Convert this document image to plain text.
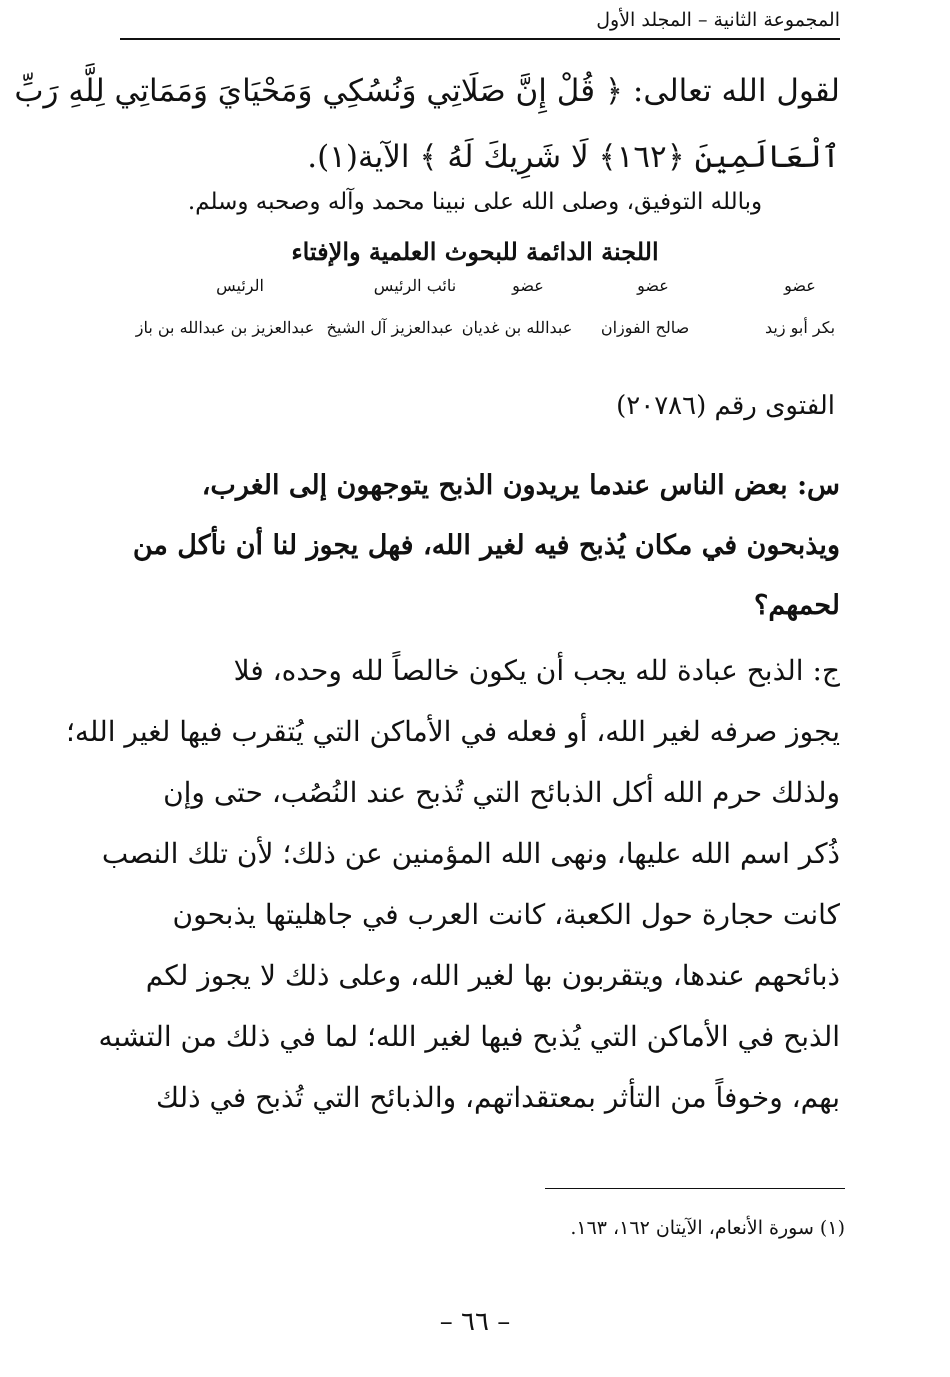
المجموعة الثانية – المجلد الأول

لقول الله تعالى: ﴿ قُلْ إِنَّ صَلَاتِي وَنُسُكِي وَمَحْيَايَ وَمَمَاتِي لِلَّهِ رَبِّ

ٱلْعَالَمِينَ ﴿١٦٢﴾ لَا شَرِيكَ لَهُ ﴾ الآية(١).

وبالله التوفيق، وصلى الله على نبينا محمد وآله وصحبه وسلم.

اللجنة الدائمة للبحوث العلمية والإفتاء

عضو
عضو
عضو
نائب الرئيس
الرئيس
بكر أبو زيد
صالح الفوزان
عبدالله بن غديان
عبدالعزيز آل الشيخ
عبدالعزيز بن عبدالله بن باز

الفتوى رقم (٢٠٧٨٦)

س: بعض الناس عندما يريدون الذبح يتوجهون إلى الغرب،

ويذبحون في مكان يُذبح فيه لغير الله، فهل يجوز لنا أن نأكل من

لحمهم؟

ج: الذبح عبادة لله يجب أن يكون خالصاً لله وحده، فلا

يجوز صرفه لغير الله، أو فعله في الأماكن التي يُتقرب فيها لغير الله؛

ولذلك حرم الله أكل الذبائح التي تُذبح عند النُصُب، حتى وإن

ذُكر اسم الله عليها، ونهى الله المؤمنين عن ذلك؛ لأن تلك النصب

كانت حجارة حول الكعبة، كانت العرب في جاهليتها يذبحون

ذبائحهم عندها، ويتقربون بها لغير الله، وعلى ذلك لا يجوز لكم

الذبح في الأماكن التي يُذبح فيها لغير الله؛ لما في ذلك من التشبه

بهم، وخوفاً من التأثر بمعتقداتهم، والذبائح التي تُذبح في ذلك

(١) سورة الأنعام، الآيتان ١٦٢، ١٦٣.

– ٦٦ –
